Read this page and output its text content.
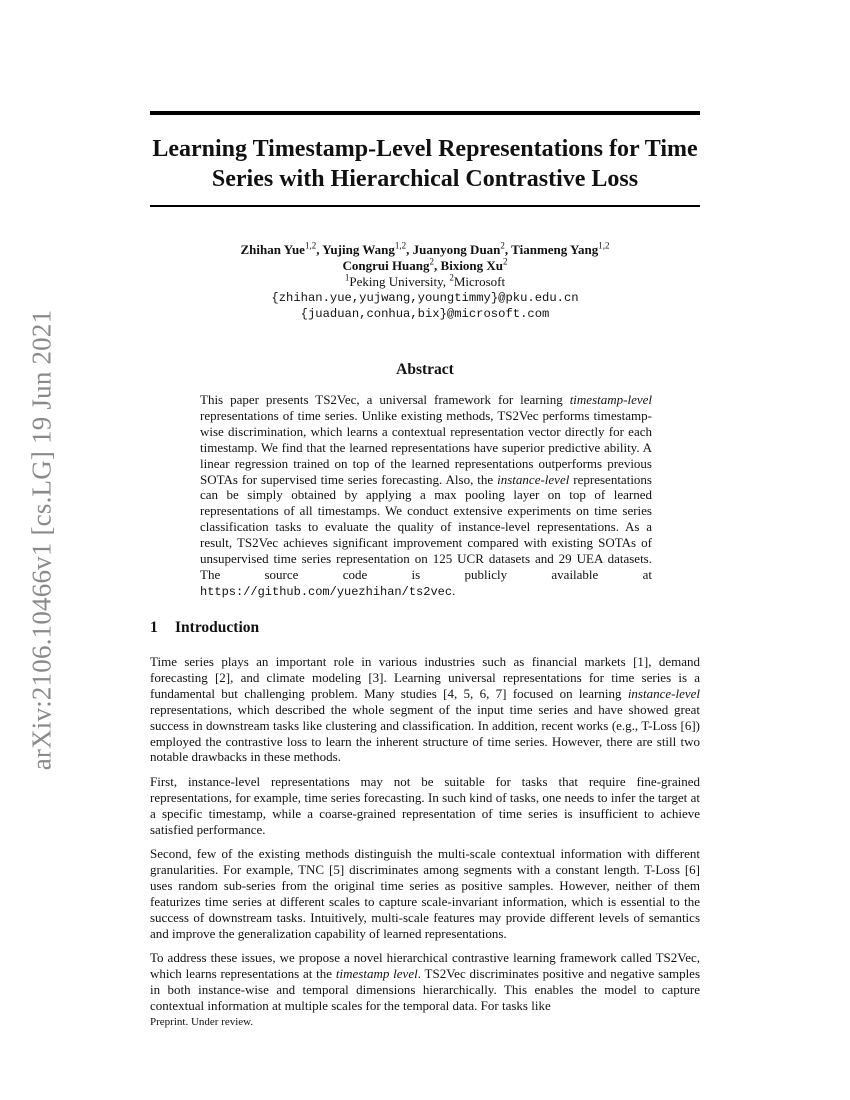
arXiv:2106.10466v1 [cs.LG] 19 Jun 2021
Learning Timestamp-Level Representations for Time
Series with Hierarchical Contrastive Loss
Zhihan Yue$^{1,2}$, Yujing Wang$^{1,2}$, Juanyong Duan$^2$, Tianmeng Yang$^{1,2}$
Congrui Huang$^2$, Bixiong Xu$^2$
$^1$Peking University, $^2$Microsoft
{zhihan.yue,yujwang,youngtimmy}@pku.edu.cn
{juaduan,conhua,bix}@microsoft.com
Abstract

This paper presents TS2Vec, a universal framework for learning timestamp-level representations of time series. Unlike existing methods, TS2Vec performs timestamp-wise discrimination, which learns a contextual representation vector directly for each timestamp. We find that the learned representations have superior predictive ability. A linear regression trained on top of the learned representations outperforms previous SOTAs for supervised time series forecasting. Also, the instance-level representations can be simply obtained by applying a max pooling layer on top of learned representations of all timestamps. We conduct extensive experiments on time series classification tasks to evaluate the quality of instance-level representations. As a result, TS2Vec achieves significant improvement compared with existing SOTAs of unsupervised time series representation on 125 UCR datasets and 29 UEA datasets. The source code is publicly available at https://github.com/yuezhihan/ts2vec.

1 Introduction

Time series plays an important role in various industries such as financial markets [1], demand forecasting [2], and climate modeling [3]. Learning universal representations for time series is a fundamental but challenging problem. Many studies [4, 5, 6, 7] focused on learning instance-level representations, which described the whole segment of the input time series and have showed great success in downstream tasks like clustering and classification. In addition, recent works (e.g., T-Loss [6]) employed the contrastive loss to learn the inherent structure of time series. However, there are still two notable drawbacks in these methods.

First, instance-level representations may not be suitable for tasks that require fine-grained representations, for example, time series forecasting. In such kind of tasks, one needs to infer the target at a specific timestamp, while a coarse-grained representation of time series is insufficient to achieve satisfied performance.

Second, few of the existing methods distinguish the multi-scale contextual information with different granularities. For example, TNC [5] discriminates among segments with a constant length. T-Loss [6] uses random sub-series from the original time series as positive samples. However, neither of them featurizes time series at different scales to capture scale-invariant information, which is essential to the success of downstream tasks. Intuitively, multi-scale features may provide different levels of semantics and improve the generalization capability of learned representations.

To address these issues, we propose a novel hierarchical contrastive learning framework called TS2Vec, which learns representations at the timestamp level. TS2Vec discriminates positive and negative samples in both instance-wise and temporal dimensions hierarchically. This enables the model to capture contextual information at multiple scales for the temporal data. For tasks like

Preprint. Under review.
